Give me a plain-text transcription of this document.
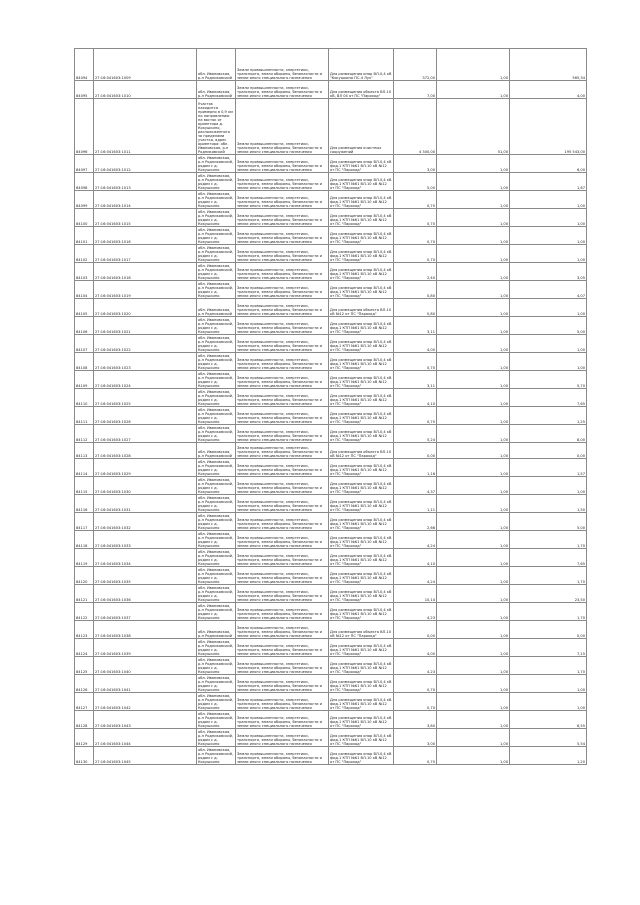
84094	27:16:041603:1009	обл. Ивановская, р-н Родниковский	Земли промышленности, энергетики, транспорта, земли обороны, безопасности и земли иного специального назначения	Для размещения опор ВЛ-0,4 кВ "Кокушкино ПС-4 Лух"	372,00	1,00	565,34
84095	27:16:041603:1010	обл. Ивановская, р-н Родниковский	Земли промышленности, энергетики, транспорта, земли обороны, безопасности и земли иного специального назначения	Для размещения объекта ВЛ-10 кВ, ВЛ 04 от ПС "Пароход"	7,00	1,00	4,00
84096	27:16:041603:1011	Участок находится примерно в 0,9 км по направлению на восток от ориентира д. Кокушкино, расположенного за пределами участка, адрес ориентира: обл. Ивановская, р-н Родниковский	Земли промышленности, энергетики, транспорта, земли обороны, безопасности и земли иного специального назначения	Для размещения очистных сооружений	4 300,00	51,00	195 543,00
84097	27:16:041603:1012	обл. Ивановская, р-н Родниковский, рядом с д. Кокушкино	Земли промышленности, энергетики, транспорта, земли обороны, безопасности и земли иного специального назначения	Для размещения опор ВЛ-0,4 кВ фид.1 КТП №61 ВЛ-10 кВ №12 от ПС "Пароход"	3,00	1,00	6,00
84098	27:16:041603:1013	обл. Ивановская, р-н Родниковский, рядом с д. Кокушкино	Земли промышленности, энергетики, транспорта, земли обороны, безопасности и земли иного специального назначения	Для размещения опор ВЛ-0,4 кВ фид.1 КТП №61 ВЛ-10 кВ №12 от ПС "Пароход"	5,00	1,00	1,67
84099	27:16:041603:1014	обл. Ивановская, р-н Родниковский, рядом с д. Кокушкино	Земли промышленности, энергетики, транспорта, земли обороны, безопасности и земли иного специального назначения	Для размещения опор ВЛ-0,4 кВ фид.1 КТП №61 ВЛ-10 кВ №12 от ПС "Пароход"	0,70	1,00	1,00
84100	27:16:041603:1015	обл. Ивановская, р-н Родниковский, рядом с д. Кокушкино	Земли промышленности, энергетики, транспорта, земли обороны, безопасности и земли иного специального назначения	Для размещения опор ВЛ-0,4 кВ фид.1 КТП №61 ВЛ-10 кВ №12 от ПС "Пароход"	0,70	1,00	1,00
84101	27:16:041603:1016	обл. Ивановская, р-н Родниковский, рядом с д. Кокушкино	Земли промышленности, энергетики, транспорта, земли обороны, безопасности и земли иного специального назначения	Для размещения опор ВЛ-0,4 кВ фид.1 КТП №61 ВЛ-10 кВ №12 от ПС "Пароход"	0,70	1,00	1,00
84102	27:16:041603:1017	обл. Ивановская, р-н Родниковский, рядом с д. Кокушкино	Земли промышленности, энергетики, транспорта, земли обороны, безопасности и земли иного специального назначения	Для размещения опор ВЛ-0,4 кВ фид.1 КТП №61 ВЛ-10 кВ №12 от ПС "Пароход"	0,70	1,00	1,00
84103	27:16:041603:1018	обл. Ивановская, р-н Родниковский, рядом с д. Кокушкино	Земли промышленности, энергетики, транспорта, земли обороны, безопасности и земли иного специального назначения	Для размещения опор ВЛ-0,4 кВ фид.1 КТП №61 ВЛ-10 кВ №12 от ПС "Пароход"	2,40	1,00	3,05
84104	27:16:041603:1019	обл. Ивановская, р-н Родниковский, рядом с д. Кокушкино	Земли промышленности, энергетики, транспорта, земли обороны, безопасности и земли иного специального назначения	Для размещения опор ВЛ-0,4 кВ фид.1 КТП №61 ВЛ-10 кВ №12 от ПС "Пароход"	0,80	1,00	4,07
84105	27:16:041603:1020	обл. Ивановская, р-н Родниковский	Земли промышленности, энергетики, транспорта, земли обороны, безопасности и земли иного специального назначения	Для размещения объекта ВЛ-10 кВ №12 от ПС "Пароход"	0,80	1,00	1,00
84106	27:16:041603:1021	обл. Ивановская, р-н Родниковский, рядом с д. Кокушкино	Земли промышленности, энергетики, транспорта, земли обороны, безопасности и земли иного специального назначения	Для размещения опор ВЛ-0,4 кВ фид.1 КТП №61 ВЛ-10 кВ №12 от ПС "Пароход"	3,11	1,00	5,00
84107	27:16:041603:1022	обл. Ивановская, р-н Родниковский, рядом с д. Кокушкино	Земли промышленности, энергетики, транспорта, земли обороны, безопасности и земли иного специального назначения	Для размещения опор ВЛ-0,4 кВ фид.1 КТП №61 ВЛ-10 кВ №12 от ПС "Пароход"	4,00	1,00	1,00
84108	27:16:041603:1023	обл. Ивановская, р-н Родниковский, рядом с д. Кокушкино	Земли промышленности, энергетики, транспорта, земли обороны, безопасности и земли иного специального назначения	Для размещения опор ВЛ-0,4 кВ фид.1 КТП №61 ВЛ-10 кВ №12 от ПС "Пароход"	0,70	1,00	1,00
84109	27:16:041603:1024	обл. Ивановская, р-н Родниковский, рядом с д. Кокушкино	Земли промышленности, энергетики, транспорта, земли обороны, безопасности и земли иного специального назначения	Для размещения опор ВЛ-0,4 кВ фид.1 КТП №61 ВЛ-10 кВ №12 от ПС "Пароход"	3,11	1,00	5,70
84110	27:16:041603:1025	обл. Ивановская, р-н Родниковский, рядом с д. Кокушкино	Земли промышленности, энергетики, транспорта, земли обороны, безопасности и земли иного специального назначения	Для размещения опор ВЛ-0,4 кВ фид.1 КТП №61 ВЛ-10 кВ №12 от ПС "Пароход"	4,10	1,00	7,65
84111	27:16:041603:1026	обл. Ивановская, р-н Родниковский, рядом с д. Кокушкино	Земли промышленности, энергетики, транспорта, земли обороны, безопасности и земли иного специального назначения	Для размещения опор ВЛ-0,4 кВ фид.1 КТП №61 ВЛ-10 кВ №12 от ПС "Пароход"	0,70	1,00	1,25
84112	27:16:041603:1027	обл. Ивановская, р-н Родниковский, рядом с д. Кокушкино	Земли промышленности, энергетики, транспорта, земли обороны, безопасности и земли иного специального назначения	Для размещения опор ВЛ-0,4 кВ фид.1 КТП №61 ВЛ-10 кВ №12 от ПС "Пароход"	5,24	1,00	8,00
84113	27:16:041603:1028	обл. Ивановская, р-н Родниковский	Земли промышленности, энергетики, транспорта, земли обороны, безопасности и земли иного специального назначения	Для размещения объекта ВЛ-10 кВ №12 от ПС "Пароход"	0,00	1,00	0,00
84114	27:16:041603:1029	обл. Ивановская, р-н Родниковский, рядом с д. Кокушкино	Земли промышленности, энергетики, транспорта, земли обороны, безопасности и земли иного специального назначения	Для размещения опор ВЛ-0,4 кВ фид.1 КТП №61 ВЛ-10 кВ №12 от ПС "Пароход"	1,16	1,00	1,57
84115	27:16:041603:1030	обл. Ивановская, р-н Родниковский, рядом с д. Кокушкино	Земли промышленности, энергетики, транспорта, земли обороны, безопасности и земли иного специального назначения	Для размещения опор ВЛ-0,4 кВ фид.1 КТП №61 ВЛ-10 кВ №12 от ПС "Пароход"	4,37	1,00	1,00
84116	27:16:041603:1031	обл. Ивановская, р-н Родниковский, рядом с д. Кокушкино	Земли промышленности, энергетики, транспорта, земли обороны, безопасности и земли иного специального назначения	Для размещения опор ВЛ-0,4 кВ фид.1 КТП №61 ВЛ-10 кВ №12 от ПС "Пароход"	1,11	1,00	1,50
84117	27:16:041603:1032	обл. Ивановская, р-н Родниковский, рядом с д. Кокушкино	Земли промышленности, энергетики, транспорта, земли обороны, безопасности и земли иного специального назначения	Для размещения опор ВЛ-0,4 кВ фид.1 КТП №61 ВЛ-10 кВ №12 от ПС "Пароход"	2,66	1,00	5,00
84118	27:16:041603:1033	обл. Ивановская, р-н Родниковский, рядом с д. Кокушкино	Земли промышленности, энергетики, транспорта, земли обороны, безопасности и земли иного специального назначения	Для размещения опор ВЛ-0,4 кВ фид.1 КТП №61 ВЛ-10 кВ №12 от ПС "Пароход"	4,24	1,00	1,70
84119	27:16:041603:1034	обл. Ивановская, р-н Родниковский, рядом с д. Кокушкино	Земли промышленности, энергетики, транспорта, земли обороны, безопасности и земли иного специального назначения	Для размещения опор ВЛ-0,4 кВ фид.1 КТП №61 ВЛ-10 кВ №12 от ПС "Пароход"	4,10	1,00	7,65
84120	27:16:041603:1035	обл. Ивановская, р-н Родниковский, рядом с д. Кокушкино	Земли промышленности, энергетики, транспорта, земли обороны, безопасности и земли иного специального назначения	Для размещения опор ВЛ-0,4 кВ фид.1 КТП №61 ВЛ-10 кВ №12 от ПС "Пароход"	4,24	1,00	1,70
84121	27:16:041603:1036	обл. Ивановская, р-н Родниковский, рядом с д. Кокушкино	Земли промышленности, энергетики, транспорта, земли обороны, безопасности и земли иного специального назначения	Для размещения опор ВЛ-0,4 кВ фид.1 КТП №61 ВЛ-10 кВ №12 от ПС "Пароход"	10,14	1,00	23,50
84122	27:16:041603:1037	обл. Ивановская, р-н Родниковский, рядом с д. Кокушкино	Земли промышленности, энергетики, транспорта, земли обороны, безопасности и земли иного специального назначения	Для размещения опор ВЛ-0,4 кВ фид.1 КТП №61 ВЛ-10 кВ №12 от ПС "Пароход"	4,23	1,00	1,70
84123	27:16:041603:1038	обл. Ивановская, р-н Родниковский	Земли промышленности, энергетики, транспорта, земли обороны, безопасности и земли иного специального назначения	Для размещения объекта ВЛ-10 кВ №12 от ПС "Пароход"	0,00	1,00	0,00
84124	27:16:041603:1039	обл. Ивановская, р-н Родниковский, рядом с д. Кокушкино	Земли промышленности, энергетики, транспорта, земли обороны, безопасности и земли иного специального назначения	Для размещения опор ВЛ-0,4 кВ фид.1 КТП №61 ВЛ-10 кВ №12 от ПС "Пароход"	4,00	1,00	7,15
84125	27:16:041603:1040	обл. Ивановская, р-н Родниковский, рядом с д. Кокушкино	Земли промышленности, энергетики, транспорта, земли обороны, безопасности и земли иного специального назначения	Для размещения опор ВЛ-0,4 кВ фид.1 КТП №61 ВЛ-10 кВ №12 от ПС "Пароход"	4,23	1,00	1,70
84126	27:16:041603:1041	обл. Ивановская, р-н Родниковский, рядом с д. Кокушкино	Земли промышленности, энергетики, транспорта, земли обороны, безопасности и земли иного специального назначения	Для размещения опор ВЛ-0,4 кВ фид.1 КТП №61 ВЛ-10 кВ №12 от ПС "Пароход"	0,70	1,00	1,00
84127	27:16:041603:1042	обл. Ивановская, р-н Родниковский, рядом с д. Кокушкино	Земли промышленности, энергетики, транспорта, земли обороны, безопасности и земли иного специального назначения	Для размещения опор ВЛ-0,4 кВ фид.1 КТП №61 ВЛ-10 кВ №12 от ПС "Пароход"	0,70	1,00	1,00
84128	27:16:041603:1043	обл. Ивановская, р-н Родниковский, рядом с д. Кокушкино	Земли промышленности, энергетики, транспорта, земли обороны, безопасности и земли иного специального назначения	Для размещения опор ВЛ-0,4 кВ фид.1 КТП №61 ВЛ-10 кВ №12 от ПС "Пароход"	3,80	1,00	6,55
84129	27:16:041603:1044	обл. Ивановская, р-н Родниковский, рядом с д. Кокушкино	Земли промышленности, энергетики, транспорта, земли обороны, безопасности и земли иного специального назначения	Для размещения опор ВЛ-0,4 кВ фид.1 КТП №61 ВЛ-10 кВ №12 от ПС "Пароход"	3,00	1,00	5,54
84130	27:16:041603:1045	обл. Ивановская, р-н Родниковский, рядом с д. Кокушкино	Земли промышленности, энергетики, транспорта, земли обороны, безопасности и земли иного специального назначения	Для размещения опор ВЛ-0,4 кВ фид.1 КТП №61 ВЛ-10 кВ №12 от ПС "Пароход"	0,70	1,00	1,20
